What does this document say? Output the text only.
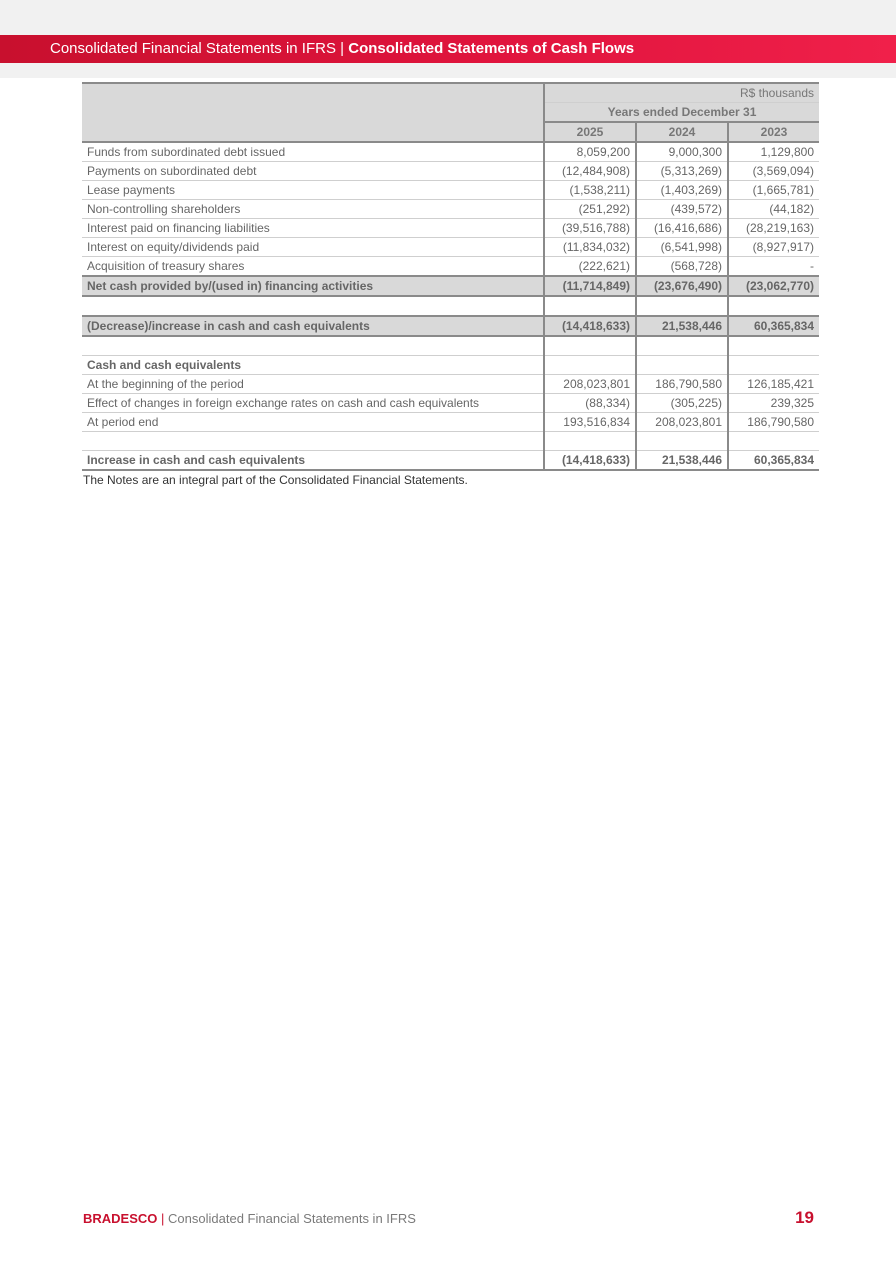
Consolidated Financial Statements in IFRS | Consolidated Statements of Cash Flows
	R$ thousands		
	Years ended December 31		
	2025	2024	2023
Funds from subordinated debt issued	8,059,200	9,000,300	1,129,800
Payments on subordinated debt	(12,484,908)	(5,313,269)	(3,569,094)
Lease payments	(1,538,211)	(1,403,269)	(1,665,781)
Non-controlling shareholders	(251,292)	(439,572)	(44,182)
Interest paid on financing liabilities	(39,516,788)	(16,416,686)	(28,219,163)
Interest on equity/dividends paid	(11,834,032)	(6,541,998)	(8,927,917)
Acquisition of treasury shares	(222,621)	(568,728)	-
Net cash provided by/(used in) financing activities	(11,714,849)	(23,676,490)	(23,062,770)

(Decrease)/increase in cash and cash equivalents	(14,418,633)	21,538,446	60,365,834

Cash and cash equivalents			
At the beginning of the period	208,023,801	186,790,580	126,185,421
Effect of changes in foreign exchange rates on cash and cash equivalents	(88,334)	(305,225)	239,325
At period end	193,516,834	208,023,801	186,790,580

Increase in cash and cash equivalents	(14,418,633)	21,538,446	60,365,834
The Notes are an integral part of the Consolidated Financial Statements.
BRADESCO | Consolidated Financial Statements in IFRS	19
